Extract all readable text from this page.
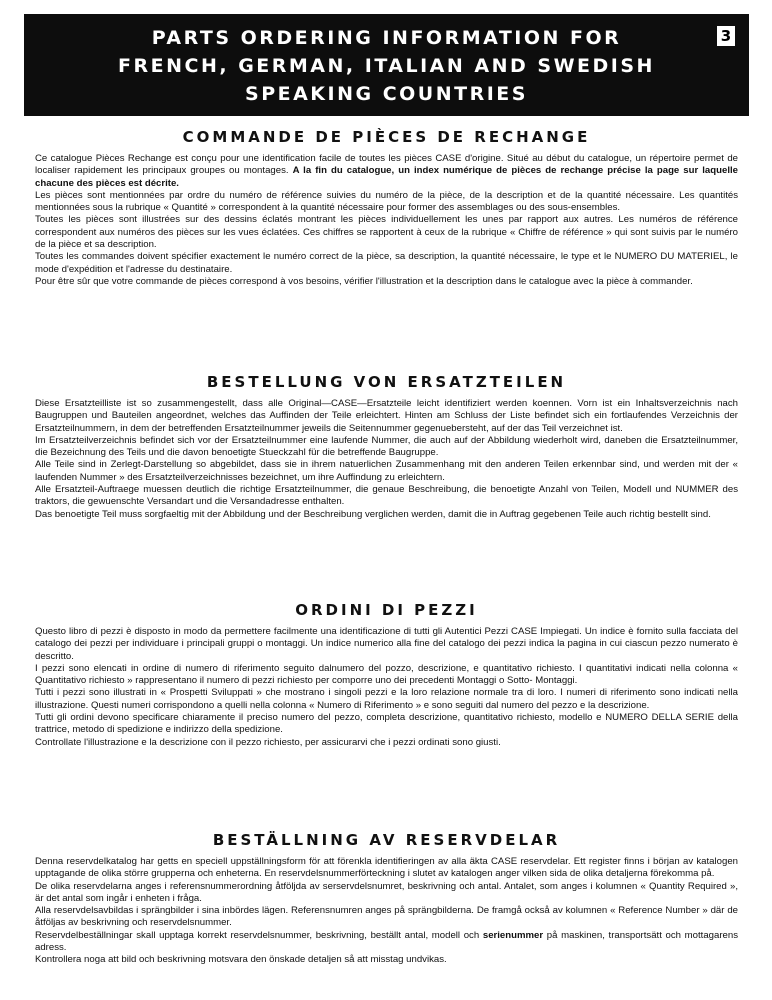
PARTS ORDERING INFORMATION FOR
FRENCH, GERMAN, ITALIAN AND SWEDISH
SPEAKING COUNTRIES
3
COMMANDE DE PIÈCES DE RECHANGE

Ce catalogue Pièces Rechange est conçu pour une identification facile de toutes les pièces CASE d'origine. Situé au début du catalogue, un répertoire permet de localiser rapidement les principaux groupes ou montages. A la fin du catalogue, un index numérique de pièces de rechange précise la page sur laquelle chacune des pièces est décrite.

Les pièces sont mentionnées par ordre du numéro de référence suivies du numéro de la pièce, de la description et de la quantité nécessaire. Les quantités mentionnées sous la rubrique « Quantité » correspondent à la quantité nécessaire pour former des assemblages ou des sous-ensembles.

Toutes les pièces sont illustrées sur des dessins éclatés montrant les pièces individuellement les unes par rapport aux autres. Les numéros de référence correspondent aux numéros des pièces sur les vues éclatées. Ces chiffres se rapportent à ceux de la rubrique « Chiffre de référence » qui sont suivis par le numéro de la pièce et sa description.

Toutes les commandes doivent spécifier exactement le numéro correct de la pièce, sa description, la quantité nécessaire, le type et le NUMERO DU MATERIEL, le mode d'expédition et l'adresse du destinataire.

Pour être sûr que votre commande de pièces correspond à vos besoins, vérifier l'illustration et la description dans le catalogue avec la pièce à commander.

BESTELLUNG VON ERSATZTEILEN

Diese Ersatzteilliste ist so zusammengestellt, dass alle Original—CASE—Ersatzteile leicht identifiziert werden koennen. Vorn ist ein Inhaltsverzeichnis nach Baugruppen und Bauteilen angeordnet, welches das Auffinden der Teile erleichtert. Hinten am Schluss der Liste befindet sich ein fortlaufendes Verzeichnis der Ersatzteilnummern, in dem der betreffenden Ersatzteilnummer jeweils die Seitennummer gegenuebersteht, auf der das Teil verzeichnet ist.

Im Ersatzteilverzeichnis befindet sich vor der Ersatzteilnummer eine laufende Nummer, die auch auf der Abbildung wiederholt wird, daneben die Ersatzteilnummer, die Bezeichnung des Teils und die davon benoetigte Stueckzahl für die betreffende Baugruppe.

Alle Teile sind in Zerlegt-Darstellung so abgebildet, dass sie in ihrem natuerlichen Zusammenhang mit den anderen Teilen erkennbar sind, und werden mit der « laufenden Nummer » des Ersatzteilverzeichnisses bezeichnet, um ihre Auffindung zu erleichtern.

Alle Ersatzteil-Auftraege muessen deutlich die richtige Ersatzteilnummer, die genaue Beschreibung, die benoetigte Anzahl von Teilen, Modell und NUMMER des traktors, die gewuenschte Versandart und die Versandadresse enthalten.

Das benoetigte Teil muss sorgfaeltig mit der Abbildung und der Beschreibung verglichen werden, damit die in Auftrag gegebenen Teile auch richtig bestellt sind.

ORDINI DI PEZZI

Questo libro di pezzi è disposto in modo da permettere facilmente una identificazione di tutti gli Autentici Pezzi CASE Impiegati. Un indice è fornito sulla facciata del catalogo dei pezzi per individuare i principali gruppi o montaggi. Un indice numerico alla fine del catalogo dei pezzi indica la pagina in cui ciascun pezzo numerato è descritto.

I pezzi sono elencati in ordine di numero di riferimento seguito dalnumero del pozzo, descrizione, e quantitativo richiesto. I quantitativi indicati nella colonna « Quantitativo richiesto » rappresentano il numero di pezzi richiesto per comporre uno dei precedenti Montaggi o Sotto- Montaggi.

Tutti i pezzi sono illustrati in « Prospetti Sviluppati » che mostrano i singoli pezzi e la loro relazione normale tra di loro. I numeri di riferimento sono indicati nella illustrazione. Questi numeri corrispondono a quelli nella colonna « Numero di Riferimento » e sono seguiti dal numero del pezzo e la descrizione.

Tutti gli ordini devono specificare chiaramente il preciso numero del pezzo, completa descrizione, quantitativo richiesto, modello e NUMERO DELLA SERIE della trattrice, metodo di spedizione e indirizzo della spedizione.

Controllate l'illustrazione e la descrizione con il pezzo richiesto, per assicurarvi che i pezzi ordinati sono giusti.

BESTÄLLNING AV RESERVDELAR

Denna reservdelkatalog har getts en speciell uppställningsform för att förenkla identifieringen av alla äkta CASE reservdelar. Ett register finns i början av katalogen upptagande de olika större grupperna och enheterna. En reservdelsnummerförteckning i slutet av katalogen anger vilken sida de olika detaljerna förekomma på.

De olika reservdelarna anges i referensnummerordning åtföljda av serservdelsnumret, beskrivning och antal. Antalet, som anges i kolumnen « Quantity Required », är det antal som ingår i enheten i fråga.

Alla reservdelsavbildas i sprängbilder i sina inbördes lägen. Referensnumren anges på sprängbilderna. De framgå också av kolumnen « Reference Number » där de åtföljas av beskrivning och reservdelsnummer.

Reservdelbeställningar skall upptaga korrekt reservdelsnummer, beskrivning, beställt antal, modell och serienummer på maskinen, transportsätt och mottagarens adress.

Kontrollera noga att bild och beskrivning motsvara den önskade detaljen så att misstag undvikas.
